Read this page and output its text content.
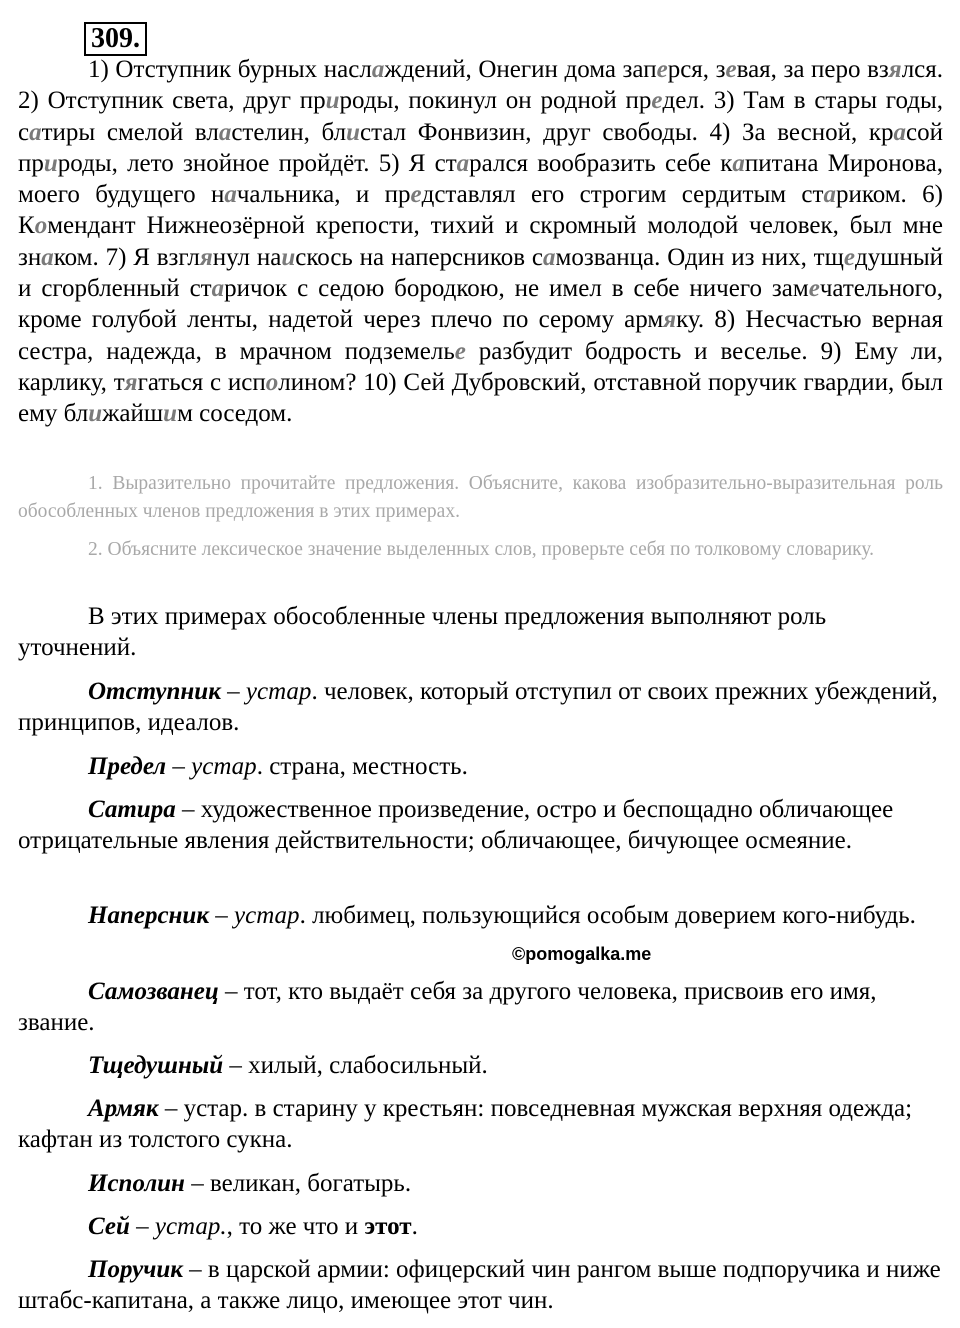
309.
1) Отступник бурных наслаждений, Онегин дома заперся, зевая, за перо взялся. 2) Отступник света, друг природы, покинул он родной предел. 3) Там в стары годы, сатиры смелой властелин, блистал Фонвизин, друг свободы. 4) За весной, красой природы, лето знойное пройдёт. 5) Я старался вообразить себе капитана Миронова, моего будущего начальника, и представлял его строгим сердитым стариком. 6) Комендант Нижнеозёрной крепости, тихий и скромный молодой человек, был мне знаком. 7) Я взглянул наискось на наперсников самозванца. Один из них, тщедушный и сгорбленный старичок с седою бородкою, не имел в себе ничего замечательного, кроме голубой ленты, надетой через плечо по серому армяку. 8) Несчастью верная сестра, надежда, в мрачном подземелье разбудит бодрость и веселье. 9) Ему ли, карлику, тягаться с исполином? 10) Сей Дубровский, отставной поручик гвардии, был ему ближайшим соседом.
1. Выразительно прочитайте предложения. Объясните, какова изобразительно-выразительная роль обособленных членов предложения в этих примерах.
2. Объясните лексическое значение выделенных слов, проверьте себя по толковому словарику.
В этих примерах обособленные члены предложения выполняют роль уточнений.
Отступник – устар. человек, который отступил от своих прежних убеждений, принципов, идеалов.
Предел – устар. страна, местность.
Сатира – художественное произведение, остро и беспощадно обличающее отрицательные явления действительности; обличающее, бичующее осмеяние.
Наперсник – устар. любимец, пользующийся особым доверием кого-нибудь.
©pomogalka.me
Самозванец – тот, кто выдаёт себя за другого человека, присвоив его имя, звание.
Тщедушный – хилый, слабосильный.
Армяк – устар. в старину у крестьян: повседневная мужская верхняя одежда; кафтан из толстого сукна.
Исполин – великан, богатырь.
Сей – устар., то же что и этот.
Поручик – в царской армии: офицерский чин рангом выше подпоручика и ниже штабс-капитана, а также лицо, имеющее этот чин.
